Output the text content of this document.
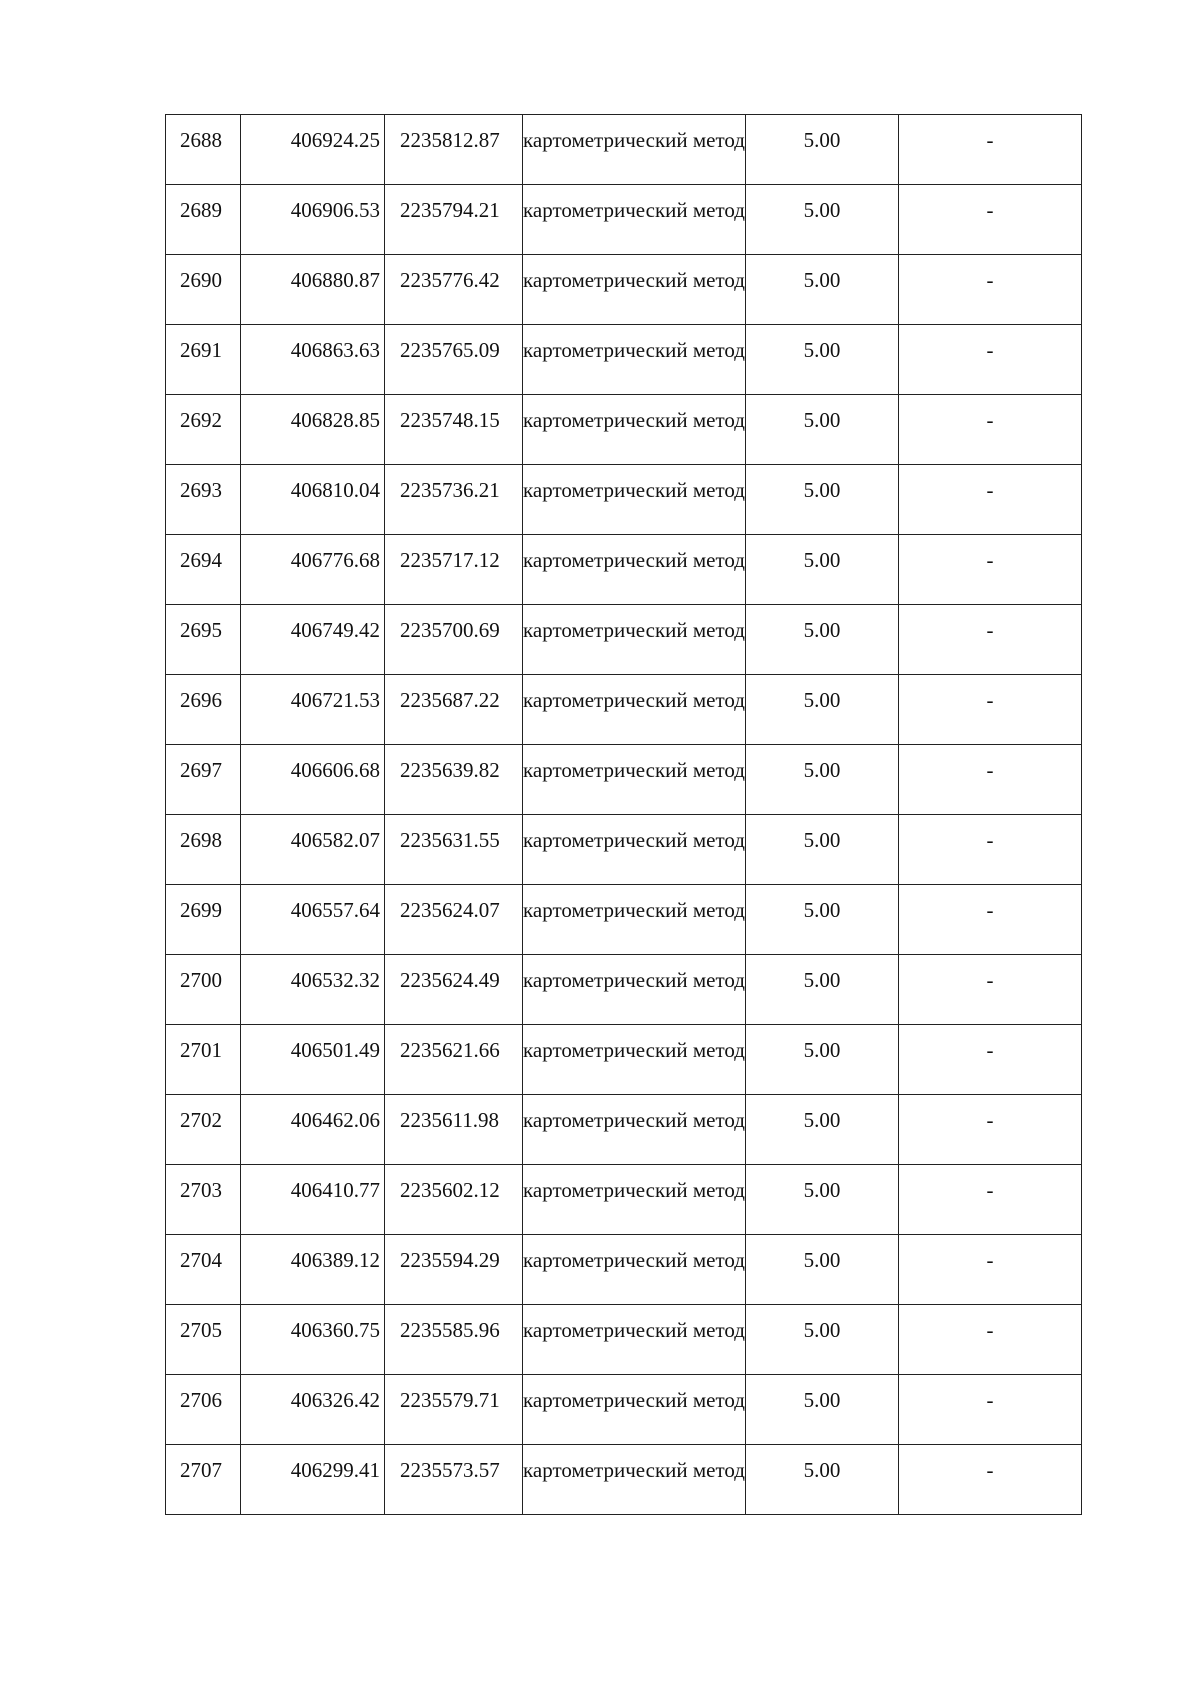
2688	406924.25	2235812.87	картометрический метод	5.00	-
2689	406906.53	2235794.21	картометрический метод	5.00	-
2690	406880.87	2235776.42	картометрический метод	5.00	-
2691	406863.63	2235765.09	картометрический метод	5.00	-
2692	406828.85	2235748.15	картометрический метод	5.00	-
2693	406810.04	2235736.21	картометрический метод	5.00	-
2694	406776.68	2235717.12	картометрический метод	5.00	-
2695	406749.42	2235700.69	картометрический метод	5.00	-
2696	406721.53	2235687.22	картометрический метод	5.00	-
2697	406606.68	2235639.82	картометрический метод	5.00	-
2698	406582.07	2235631.55	картометрический метод	5.00	-
2699	406557.64	2235624.07	картометрический метод	5.00	-
2700	406532.32	2235624.49	картометрический метод	5.00	-
2701	406501.49	2235621.66	картометрический метод	5.00	-
2702	406462.06	2235611.98	картометрический метод	5.00	-
2703	406410.77	2235602.12	картометрический метод	5.00	-
2704	406389.12	2235594.29	картометрический метод	5.00	-
2705	406360.75	2235585.96	картометрический метод	5.00	-
2706	406326.42	2235579.71	картометрический метод	5.00	-
2707	406299.41	2235573.57	картометрический метод	5.00	-
